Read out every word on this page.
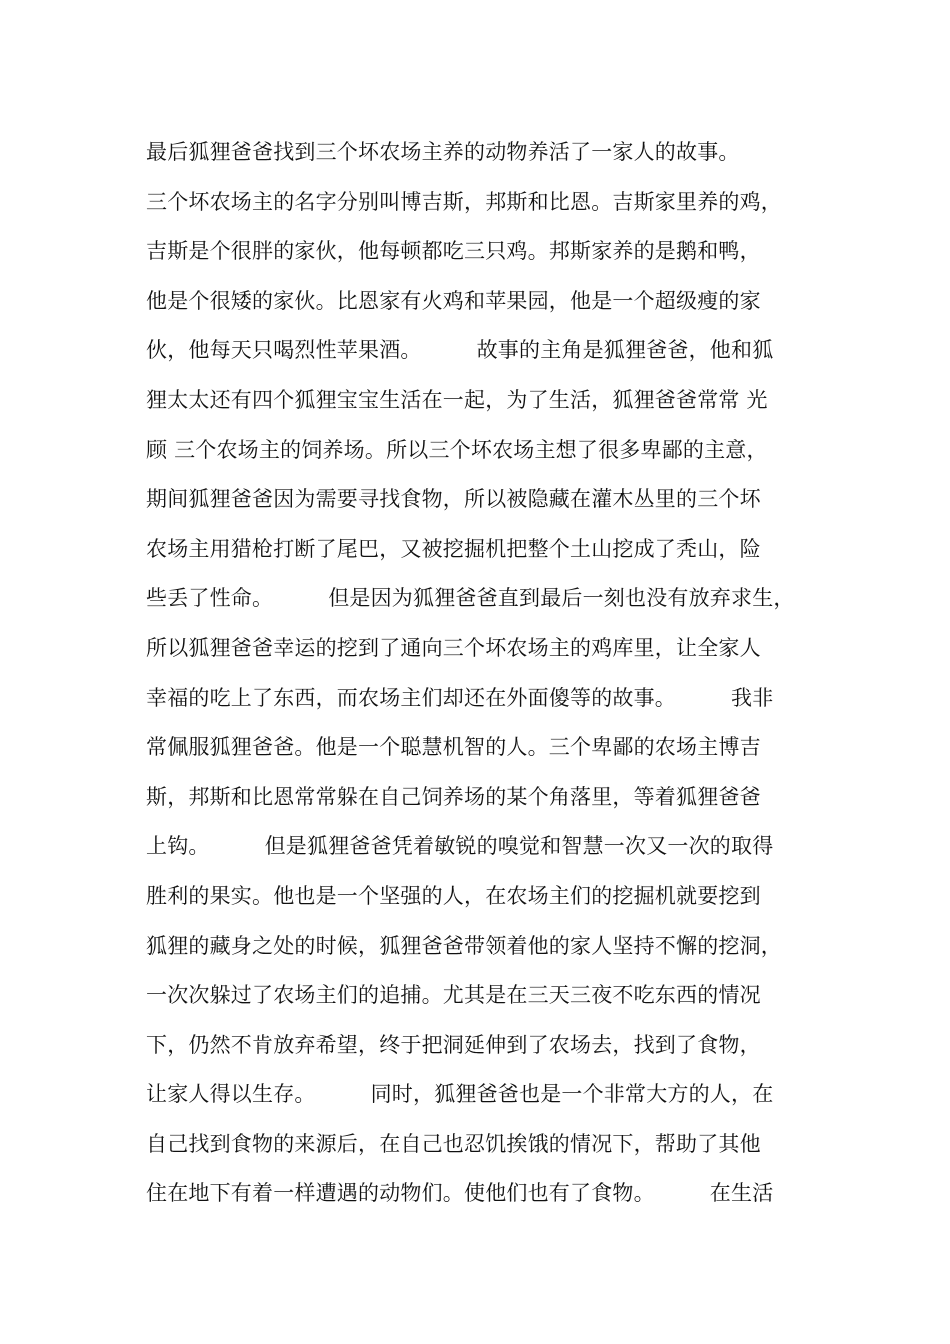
最后狐狸爸爸找到三个坏农场主养的动物养活了一家人的故事。
三个坏农场主的名字分别叫博吉斯，邦斯和比恩。吉斯家里养的鸡，
吉斯是个很胖的家伙，他每顿都吃三只鸡。邦斯家养的是鹅和鸭，
他是个很矮的家伙。比恩家有火鸡和苹果园，他是一个超级瘦的家
伙，他每天只喝烈性苹果酒。        故事的主角是狐狸爸爸，他和狐
狸太太还有四个狐狸宝宝生活在一起，为了生活，狐狸爸爸常常 光
顾 三个农场主的饲养场。所以三个坏农场主想了很多卑鄙的主意，
期间狐狸爸爸因为需要寻找食物，所以被隐藏在灌木丛里的三个坏
农场主用猎枪打断了尾巴，又被挖掘机把整个土山挖成了秃山，险
些丢了性命。        但是因为狐狸爸爸直到最后一刻也没有放弃求生，
所以狐狸爸爸幸运的挖到了通向三个坏农场主的鸡库里，让全家人
幸福的吃上了东西，而农场主们却还在外面傻等的故事。        我非
常佩服狐狸爸爸。他是一个聪慧机智的人。三个卑鄙的农场主博吉
斯，邦斯和比恩常常躲在自己饲养场的某个角落里，等着狐狸爸爸
上钩。        但是狐狸爸爸凭着敏锐的嗅觉和智慧一次又一次的取得
胜利的果实。他也是一个坚强的人，在农场主们的挖掘机就要挖到
狐狸的藏身之处的时候，狐狸爸爸带领着他的家人坚持不懈的挖洞，
一次次躲过了农场主们的追捕。尤其是在三天三夜不吃东西的情况
下，仍然不肯放弃希望，终于把洞延伸到了农场去，找到了食物，
让家人得以生存。        同时，狐狸爸爸也是一个非常大方的人，在
自己找到食物的来源后，在自己也忍饥挨饿的情况下，帮助了其他
住在地下有着一样遭遇的动物们。使他们也有了食物。        在生活
